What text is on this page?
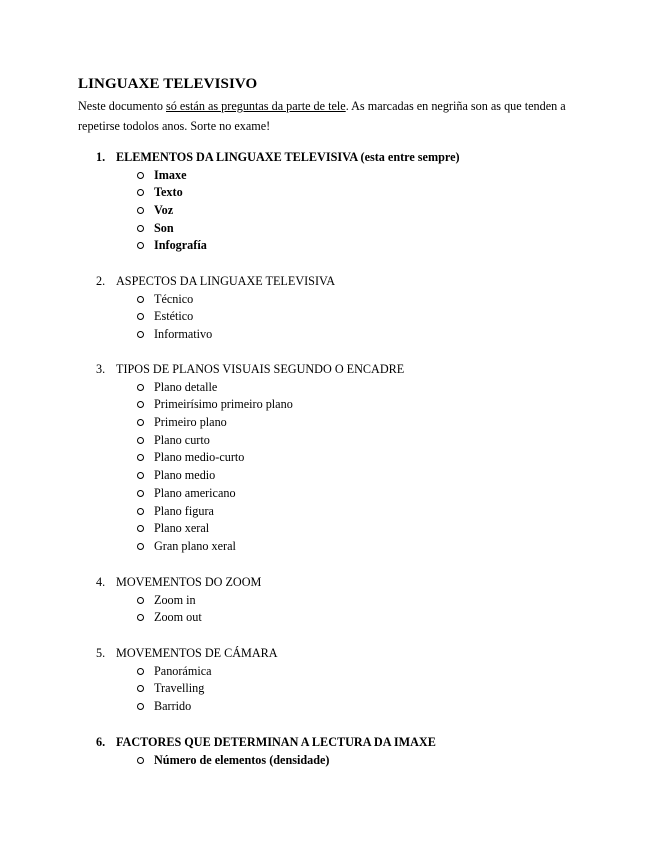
LINGUAXE TELEVISIVO

Neste documento só están as preguntas da parte de tele. As marcadas en negriña son as que tenden a repetirse todolos anos. Sorte no exame!

1. ELEMENTOS DA LINGUAXE TELEVISIVA (esta entre sempre)
Imaxe
Texto
Voz
Son
Infografía
2. ASPECTOS DA LINGUAXE TELEVISIVA
Técnico
Estético
Informativo
3. TIPOS DE PLANOS VISUAIS SEGUNDO O ENCADRE
Plano detalle
Primeirísimo primeiro plano
Primeiro plano
Plano curto
Plano medio-curto
Plano medio
Plano americano
Plano figura
Plano xeral
Gran plano xeral
4. MOVEMENTOS DO ZOOM
Zoom in
Zoom out
5. MOVEMENTOS DE CÁMARA
Panorámica
Travelling
Barrido
6. FACTORES QUE DETERMINAN A LECTURA DA IMAXE
Número de elementos (densidade)
